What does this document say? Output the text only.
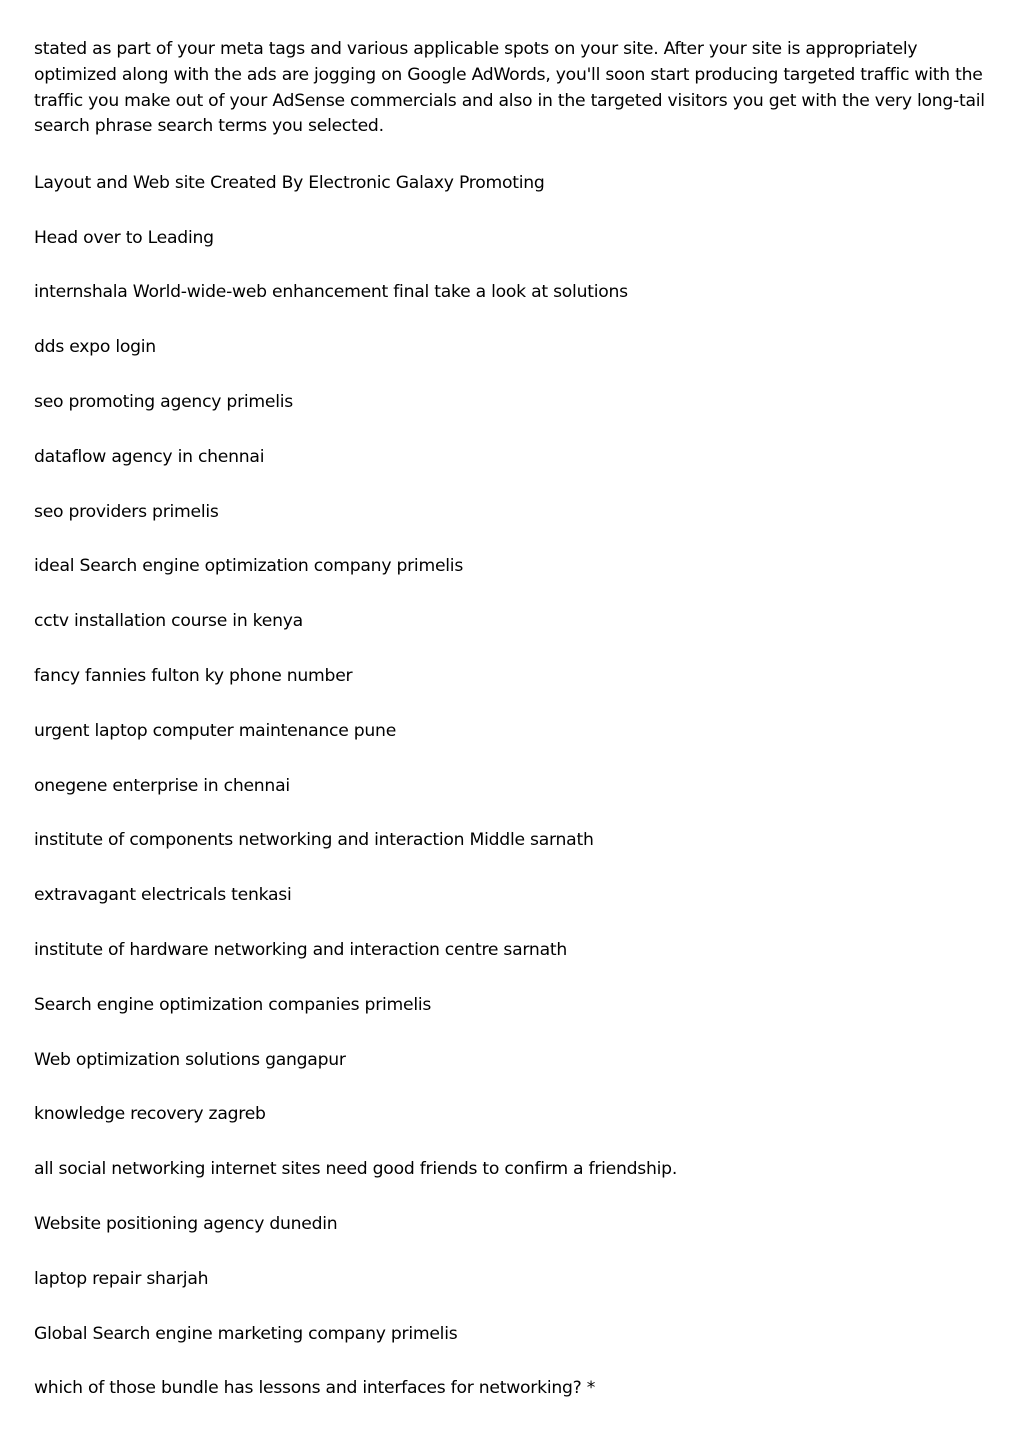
stated as part of your meta tags and various applicable spots on your site. After your site is appropriately optimized along with the ads are jogging on Google AdWords, you'll soon start producing targeted traffic with the traffic you make out of your AdSense commercials and also in the targeted visitors you get with the very long-tail search phrase search terms you selected.

Layout and Web site Created By Electronic Galaxy Promoting
Head over to Leading
internshala World-wide-web enhancement final take a look at solutions
dds expo login
seo promoting agency primelis
dataflow agency in chennai
seo providers primelis
ideal Search engine optimization company primelis
cctv installation course in kenya
fancy fannies fulton ky phone number
urgent laptop computer maintenance pune
onegene enterprise in chennai
institute of components networking and interaction Middle sarnath
extravagant electricals tenkasi
institute of hardware networking and interaction centre sarnath
Search engine optimization companies primelis
Web optimization solutions gangapur
knowledge recovery zagreb
all social networking internet sites need good friends to confirm a friendship.
Website positioning agency dunedin
laptop repair sharjah
Global Search engine marketing company primelis
which of those bundle has lessons and interfaces for networking? *
